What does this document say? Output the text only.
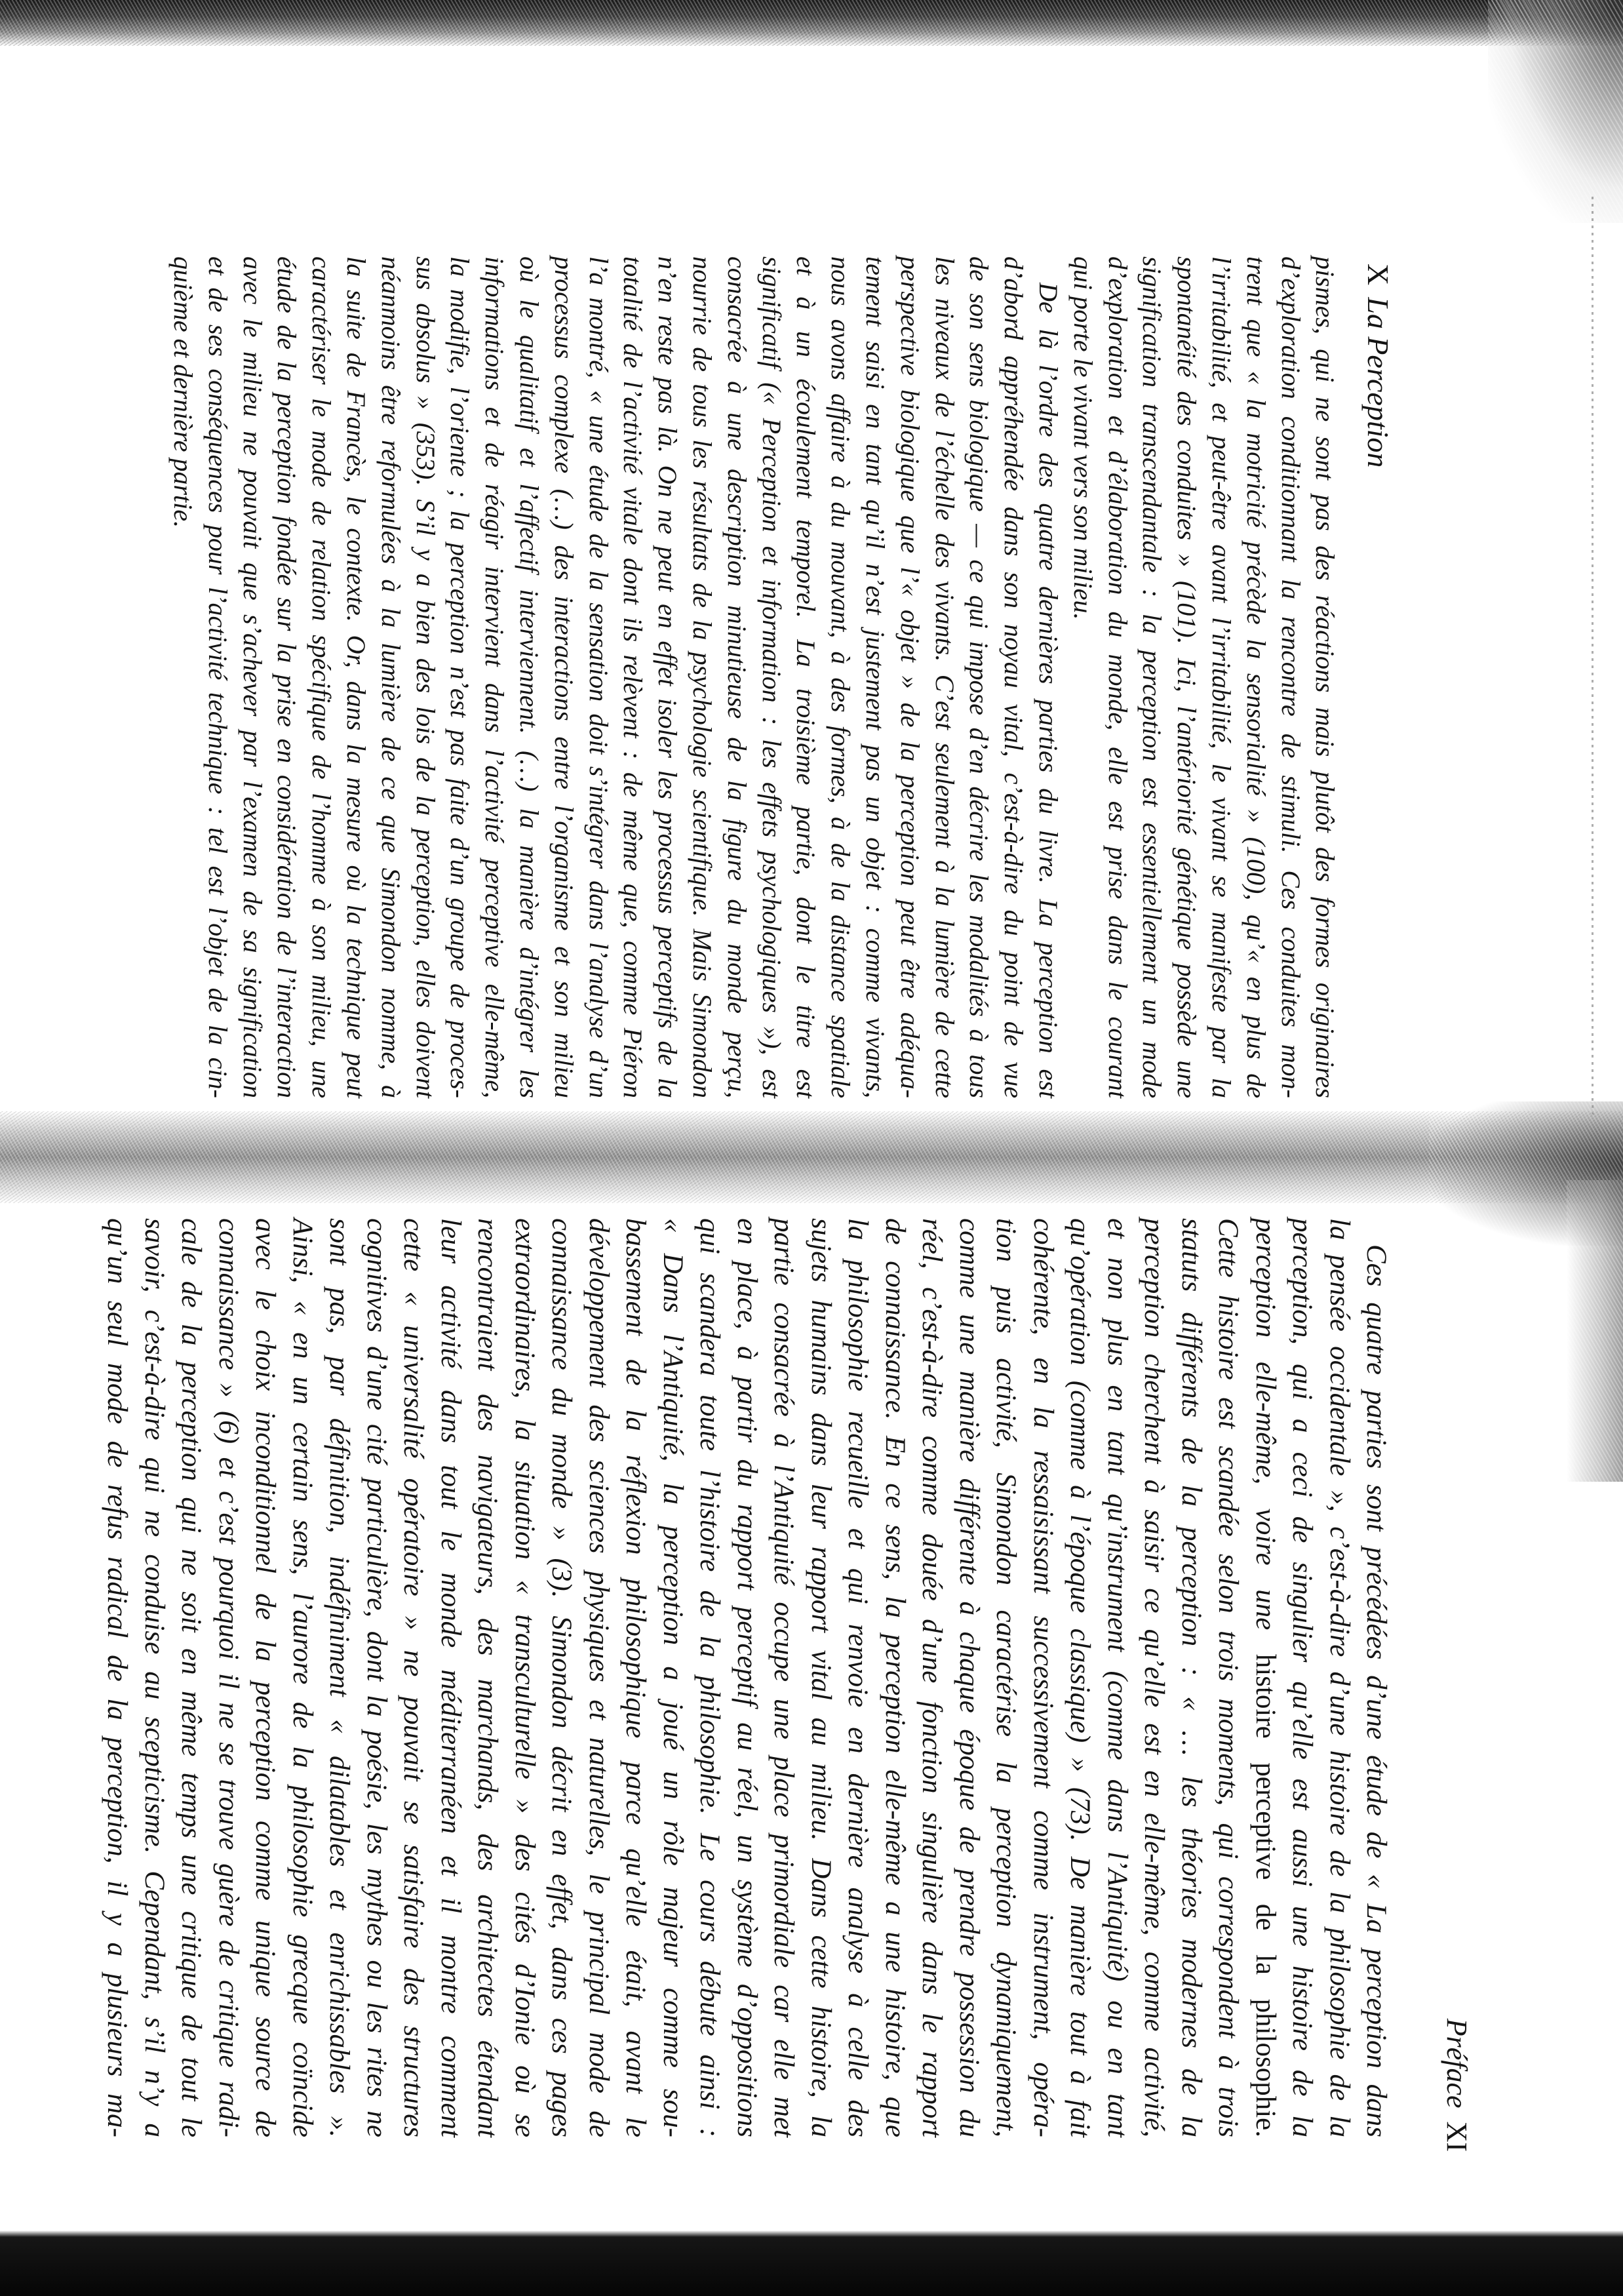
XLa Perception
pismes, qui ne sont pas des réactions mais plutôt des formes originaires
d’exploration conditionnant la rencontre de stimuli. Ces conduites mon-
trent que « la motricité précède la sensorialité » (100), qu’« en plus de
l’irritabilité, et peut-être avant l’irritabilité, le vivant se manifeste par la
spontanéité des conduites » (101). Ici, l’antériorité génétique possède une
signification transcendantale : la perception est essentiellement un mode
d’exploration et d’élaboration du monde, elle est prise dans le courant
qui porte le vivant vers son milieu.
De là l’ordre des quatre dernières parties du livre. La perception est
d’abord appréhendée dans son noyau vital, c’est-à-dire du point de vue
de son sens biologique — ce qui impose d’en décrire les modalités à tous
les niveaux de l’échelle des vivants. C’est seulement à la lumière de cette
perspective biologique que l’« objet » de la perception peut être adéqua-
tement saisi en tant qu’il n’est justement pas un objet : comme vivants,
nous avons affaire à du mouvant, à des formes, à de la distance spatiale
et à un écoulement temporel. La troisième partie, dont le titre est
significatif (« Perception et information : les effets psychologiques »), est
consacrée à une description minutieuse de la figure du monde perçu,
nourrie de tous les résultats de la psychologie scientifique. Mais Simondon
n’en reste pas là. On ne peut en effet isoler les processus perceptifs de la
totalité de l’activité vitale dont ils relèvent : de même que, comme Piéron
l’a montré, « une étude de la sensation doit s’intégrer dans l’analyse d’un
processus complexe (…) des interactions entre l’organisme et son milieu
où le qualitatif et l’affectif interviennent. (…) la manière d’intégrer les
informations et de réagir intervient dans l’activité perceptive elle-même,
la modifie, l’oriente ; la perception n’est pas faite d’un groupe de proces-
sus absolus » (353). S’il y a bien des lois de la perception, elles doivent
néanmoins être reformulées à la lumière de ce que Simondon nomme, à
la suite de Francès, le contexte. Or, dans la mesure où la technique peut
caractériser le mode de relation spécifique de l’homme à son milieu, une
étude de la perception fondée sur la prise en considération de l’interaction
avec le milieu ne pouvait que s’achever par l’examen de sa signification
et de ses conséquences pour l’activité technique : tel est l’objet de la cin-
quième et dernière partie.
PréfaceXI
Ces quatre parties sont précédées d’une étude de « La perception dans
la pensée occidentale », c’est-à-dire d’une histoire de la philosophie de la
perception, qui a ceci de singulier qu’elle est aussi une histoire de la
perception elle-même, voire une histoire perceptive de la philosophie.
Cette histoire est scandée selon trois moments, qui correspondent à trois
statuts différents de la perception : « … les théories modernes de la
perception cherchent à saisir ce qu’elle est en elle-même, comme activité,
et non plus en tant qu’instrument (comme dans l’Antiquité) ou en tant
qu’opération (comme à l’époque classique) » (73). De manière tout à fait
cohérente, en la ressaisissant successivement comme instrument, opéra-
tion puis activité, Simondon caractérise la perception dynamiquement,
comme une manière différente à chaque époque de prendre possession du
réel, c’est-à-dire comme douée d’une fonction singulière dans le rapport
de connaissance. En ce sens, la perception elle-même a une histoire, que
la philosophie recueille et qui renvoie en dernière analyse à celle des
sujets humains dans leur rapport vital au milieu. Dans cette histoire, la
partie consacrée à l’Antiquité occupe une place primordiale car elle met
en place, à partir du rapport perceptif au réel, un système d’oppositions
qui scandera toute l’histoire de la philosophie. Le cours débute ainsi :
« Dans l’Antiquité, la perception a joué un rôle majeur comme sou-
bassement de la réflexion philosophique parce qu’elle était, avant le
développement des sciences physiques et naturelles, le principal mode de
connaissance du monde » (3). Simondon décrit en effet, dans ces pages
extraordinaires, la situation « transculturelle » des cités d’Ionie où se
rencontraient des navigateurs, des marchands, des architectes étendant
leur activité dans tout le monde méditerranéen et il montre comment
cette « universalité opératoire » ne pouvait se satisfaire des structures
cognitives d’une cité particulière, dont la poésie, les mythes ou les rites ne
sont pas, par définition, indéfiniment « dilatables et enrichissables ».
Ainsi, « en un certain sens, l’aurore de la philosophie grecque coïncide
avec le choix inconditionnel de la perception comme unique source de
connaissance » (6) et c’est pourquoi il ne se trouve guère de critique radi-
cale de la perception qui ne soit en même temps une critique de tout le
savoir, c’est-à-dire qui ne conduise au scepticisme. Cependant, s’il n’y a
qu’un seul mode de refus radical de la perception, il y a plusieurs ma-
